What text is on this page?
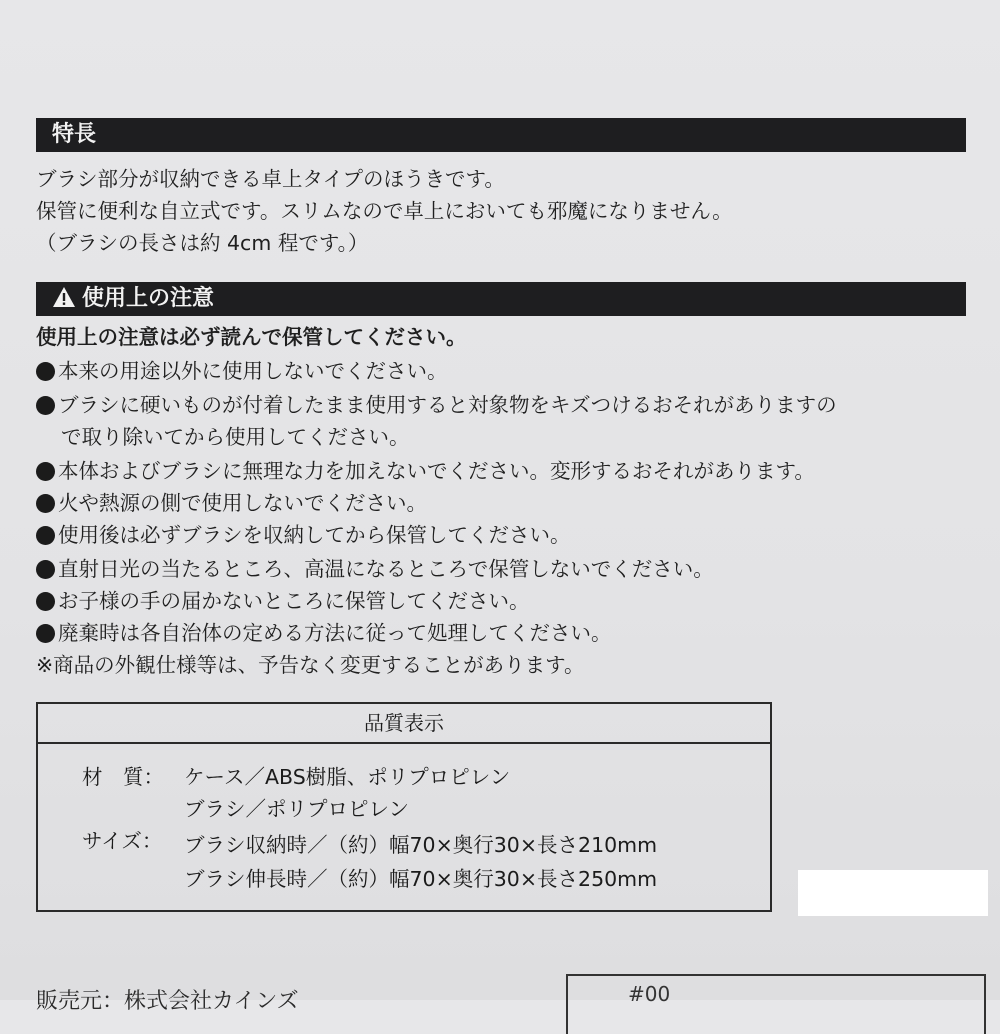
特長
ブラシ部分が収納できる卓上タイプのほうきです。
保管に便利な自立式です。スリムなので卓上においても邪魔になりません。
（ブラシの長さは約 4cm 程です。）
使用上の注意
使用上の注意は必ず読んで保管してください。
本来の用途以外に使用しないでください。
ブラシに硬いものが付着したまま使用すると対象物をキズつけるおそれがありますの
で取り除いてから使用してください。
本体およびブラシに無理な力を加えないでください。変形するおそれがあります。
火や熱源の側で使用しないでください。
使用後は必ずブラシを収納してから保管してください。
直射日光の当たるところ、高温になるところで保管しないでください。
お子様の手の届かないところに保管してください。
廃棄時は各自治体の定める方法に従って処理してください。
※商品の外観仕様等は、予告なく変更することがあります。
品質表示
材　質： ケース／ABS樹脂、ポリプロピレン
ブラシ／ポリプロピレン
サイズ： ブラシ収納時／（約）幅70×奥行30×長さ210mm
ブラシ伸長時／（約）幅70×奥行30×長さ250mm
販売元：株式会社カインズ	#00
